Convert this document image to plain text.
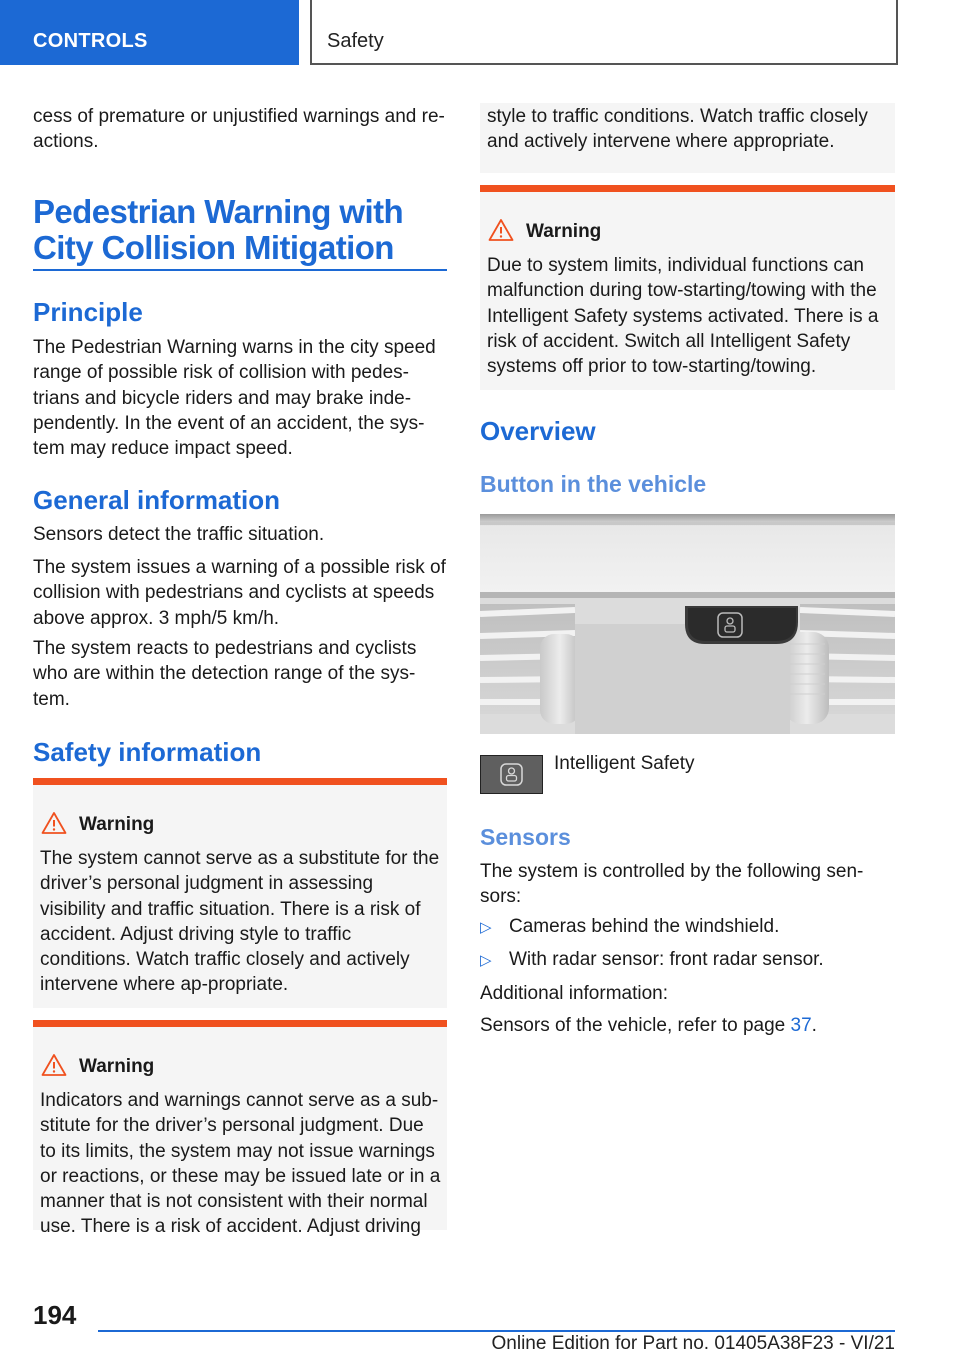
CONTROLS	Safety

cess of premature or unjustified warnings and re‐actions.

Pedestrian Warning with
City Collision Mitigation
Principle

The Pedestrian Warning warns in the city speed range of possible risk of collision with pedes‐trians and bicycle riders and may brake inde‐pendently. In the event of an accident, the sys‐tem may reduce impact speed.

General information

Sensors detect the traffic situation.

The system issues a warning of a possible risk of collision with pedestrians and cyclists at speeds above approx. 3 mph/5 km/h.

The system reacts to pedestrians and cyclists who are within the detection range of the sys‐tem.

Safety information
Warning
The system cannot serve as a substitute for the driver’s personal judgment in assessing visibility and traffic situation. There is a risk of accident. Adjust driving style to traffic conditions. Watch traffic closely and actively intervene where ap‐propriate.
Warning
Indicators and warnings cannot serve as a sub‐stitute for the driver’s personal judgment. Due to its limits, the system may not issue warnings or reactions, or these may be issued late or in a manner that is not consistent with their normal use. There is a risk of accident. Adjust driving
style to traffic conditions. Watch traffic closely and actively intervene where appropriate.
Warning
Due to system limits, individual functions can malfunction during tow-starting/towing with the Intelligent Safety systems activated. There is a risk of accident. Switch all Intelligent Safety systems off prior to tow-starting/towing.
Overview
Button in the vehicle

Intelligent Safety

Sensors

The system is controlled by the following sen‐sors:

▷ Cameras behind the windshield.
▷ With radar sensor: front radar sensor.

Additional information:

Sensors of the vehicle, refer to page 37.

194
Online Edition for Part no. 01405A38F23 - VI/21
